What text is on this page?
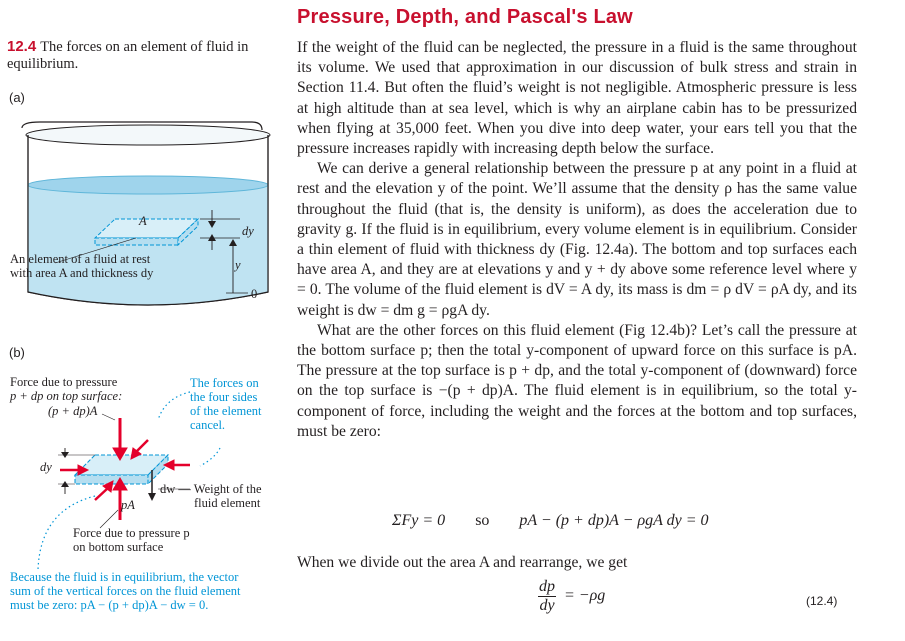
Pressure, Depth, and Pascal's Law
12.4 The forces on an element of fluid in equilibrium.
(a)
A
dy
y
0
An element of a fluid at rest
with area A and thickness dy
(b)
Force due to pressure
p + dp on top surface:
(p + dp)A
The forces on
the four sides
of the element
cancel.
dy
dw — Weight of the
fluid element
pA
Force due to pressure p
on bottom surface
Because the fluid is in equilibrium, the vector
sum of the vertical forces on the fluid element
must be zero: pA − (p + dp)A − dw = 0.

If the weight of the fluid can be neglected, the pressure in a fluid is the same throughout its volume. We used that approximation in our discussion of bulk stress and strain in Section 11.4. But often the fluid’s weight is not negligible. Atmospheric pressure is less at high altitude than at sea level, which is why an airplane cabin has to be pressurized when flying at 35,000 feet. When you dive into deep water, your ears tell you that the pressure increases rapidly with increasing depth below the surface.

We can derive a general relationship between the pressure p at any point in a fluid at rest and the elevation y of the point. We’ll assume that the density ρ has the same value throughout the fluid (that is, the density is uniform), as does the acceleration due to gravity g. If the fluid is in equilibrium, every volume element is in equilibrium. Consider a thin element of fluid with thickness dy (Fig. 12.4a). The bottom and top surfaces each have area A, and they are at elevations y and y + dy above some reference level where y = 0. The volume of the fluid element is dV = A dy, its mass is dm = ρ dV = ρA dy, and its weight is dw = dm g = ρgA dy.

What are the other forces on this fluid element (Fig 12.4b)? Let’s call the pressure at the bottom surface p; then the total y-component of upward force on this surface is pA. The pressure at the top surface is p + dp, and the total y-component of (downward) force on the top surface is −(p + dp)A. The fluid element is in equilibrium, so the total y-component of force, including the weight and the forces at the bottom and top surfaces, must be zero:

ΣFy = 0 so pA − (p + dp)A − ρgA dy = 0
When we divide out the area A and rearrange, we get
$\frac{dp}{dy} = -\rho g$	(12.4)
